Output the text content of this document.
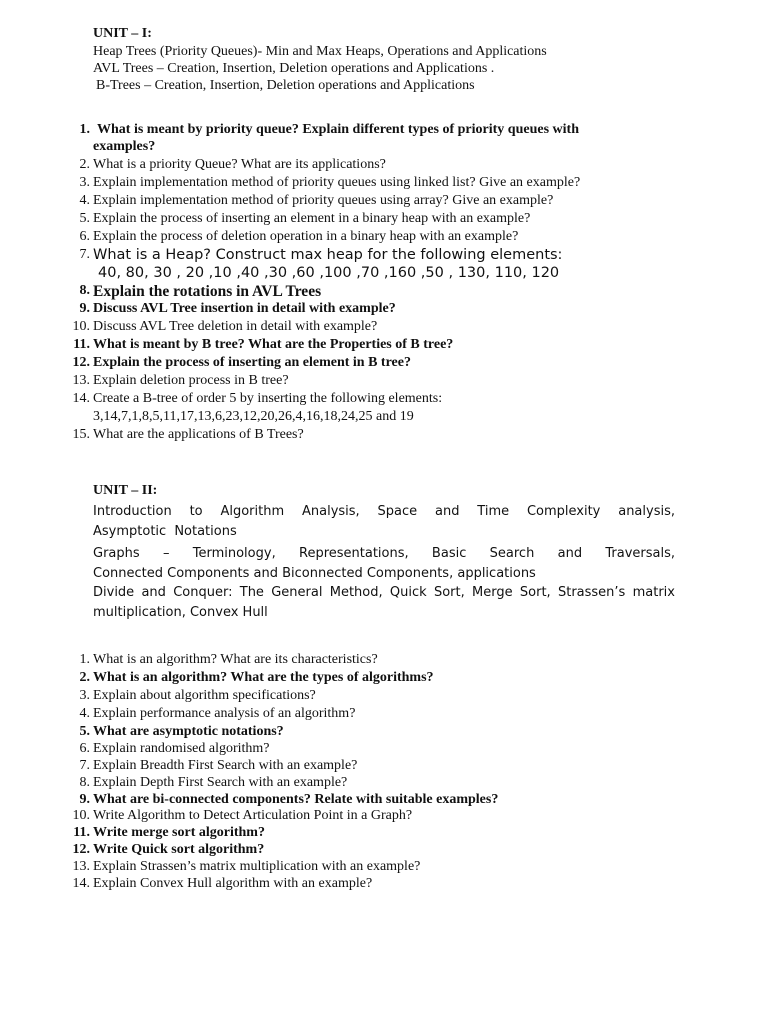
UNIT – I:
Heap Trees (Priority Queues)- Min and Max Heaps, Operations and Applications
AVL Trees – Creation, Insertion, Deletion operations and Applications .
B-Trees – Creation, Insertion, Deletion operations and Applications
1. What is meant by priority queue? Explain different types of priority queues with
examples?
2. What is a priority Queue? What are its applications?
3. Explain implementation method of priority queues using linked list? Give an example?
4. Explain implementation method of priority queues using array? Give an example?
5. Explain the process of inserting an element in a binary heap with an example?
6. Explain the process of deletion operation in a binary heap with an example?
7. What is a Heap? Construct max heap for the following elements:
40, 80, 30 , 20 ,10 ,40 ,30 ,60 ,100 ,70 ,160 ,50 , 130, 110, 120
8. Explain the rotations in AVL Trees
9. Discuss AVL Tree insertion in detail with example?
10. Discuss AVL Tree deletion in detail with example?
11. What is meant by B tree? What are the Properties of B tree?
12. Explain the process of inserting an element in B tree?
13. Explain deletion process in B tree?
14. Create a B-tree of order 5 by inserting the following elements:
3,14,7,1,8,5,11,17,13,6,23,12,20,26,4,16,18,24,25 and 19
15. What are the applications of B Trees?
UNIT – II:
Introduction to Algorithm Analysis, Space and Time Complexity analysis,
Asymptotic Notations
Graphs – Terminology, Representations, Basic Search and Traversals,
Connected Components and Biconnected Components, applications
Divide and Conquer: The General Method, Quick Sort, Merge Sort, Strassen’s matrix
multiplication, Convex Hull
1. What is an algorithm? What are its characteristics?
2. What is an algorithm? What are the types of algorithms?
3. Explain about algorithm specifications?
4. Explain performance analysis of an algorithm?
5. What are asymptotic notations?
6. Explain randomised algorithm?
7. Explain Breadth First Search with an example?
8. Explain Depth First Search with an example?
9. What are bi-connected components? Relate with suitable examples?
10. Write Algorithm to Detect Articulation Point in a Graph?
11. Write merge sort algorithm?
12. Write Quick sort algorithm?
13. Explain Strassen’s matrix multiplication with an example?
14. Explain Convex Hull algorithm with an example?
